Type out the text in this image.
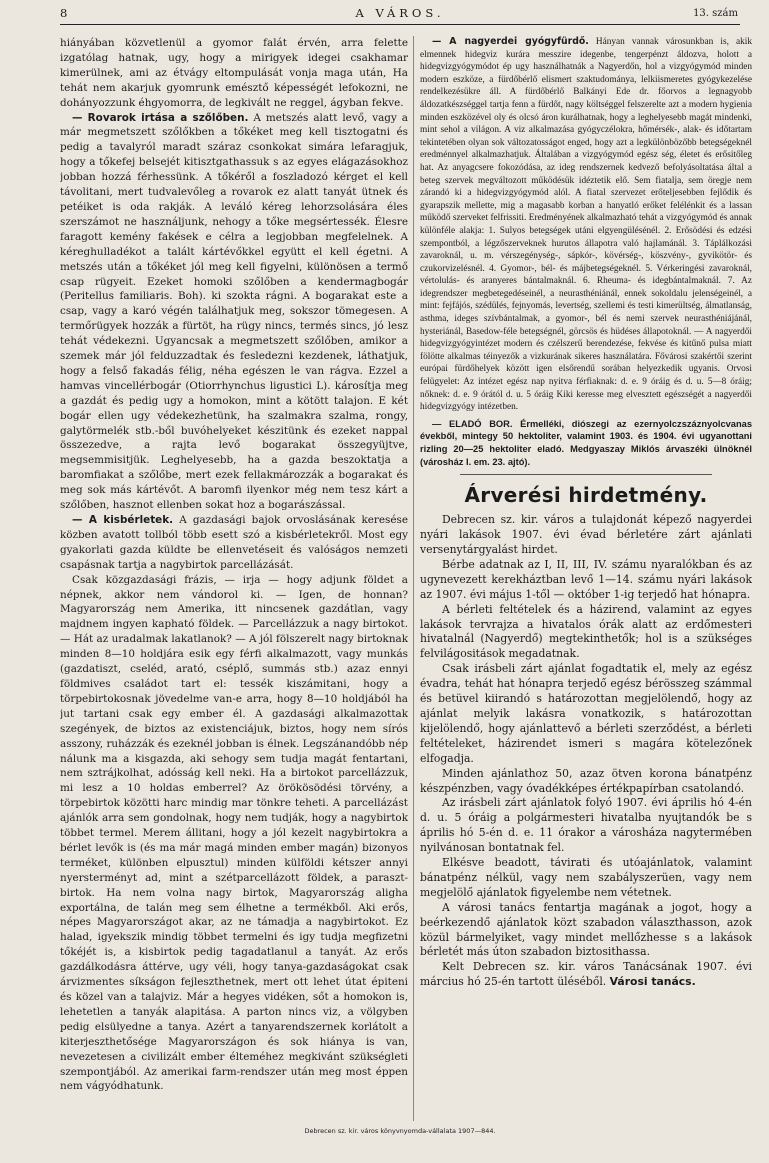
8	A VÁROS.	13. szám

hiányában közvetlenül a gyomor falát érvén, arra felette izgatólag hatnak, ugy, hogy a mirigyek idegei csakhamar kimerülnek, ami az étvágy eltompulását vonja maga után, Ha tehát nem akarjuk gyomrunk emésztő képességét lefokozni, ne dohányozzunk éhgyomorra, de legkivált ne reggel, ágyban fekve.

— Rovarok irtása a szőlőben. A metszés alatt levő, vagy a már megmetszett szőlőkben a tőkéket meg kell tisztogatni és pedig a tavalyról maradt száraz csonkokat simára lefaragjuk, hogy a tőkefej belsejét kitisztgathassuk s az egyes elágazásokhoz jobban hozzá férhessünk. A tőkéről a foszladozó kérget el kell távolitani, mert tudvalevőleg a rovarok ez alatt tanyát ütnek és petéiket is oda rakják. A leváló kéreg lehorzsolására éles szerszámot ne használjunk, nehogy a tőke megsértessék. Élesre faragott kemény fakések e célra a legjobban megfelelnek. A kéreghulladékot a talált kártévőkkel együtt el kell égetni. A metszés után a tőkéket jól meg kell figyelni, különösen a termő csap rügyeit. Ezeket homoki szőlőben a kendermagbogár (Peritellus familiaris. Boh). ki szokta rágni. A bogarakat este a csap, vagy a karó végén találhatjuk meg, sokszor tömegesen. A termőrügyek hozzák a fürtöt, ha rügy nincs, termés sincs, jó lesz tehát védekezni. Ugyancsak a megmetszett szőlőben, amikor a szemek már jól felduzzadtak és fesledezni kezdenek, láthatjuk, hogy a felső fakadás félig, néha egészen le van rágva. Ezzel a hamvas vincellérbogár (Otiorrhynchus ligustici L). károsítja meg a gazdát és pedig ugy a homokon, mint a kötött talajon. E két bogár ellen ugy védekezhetünk, ha szalmakra szalma, rongy, galytörmelék stb.-ből buvóhelyeket készitünk és ezeket nappal összezedve, a rajta levő bogarakat összegyüjtve, megsemmisitjük. Leghelyesebb, ha a gazda beszoktatja a baromfiakat a szőlőbe, mert ezek fellakmározzák a bogarakat és meg sok más kártévőt. A baromfi ilyenkor még nem tesz kárt a szőlőben, hasznot ellenben sokat hoz a bogarászással.

— A kisbérletek. A gazdasági bajok orvoslásának keresése közben avatott tollból több esett szó a kisbérletekről. Most egy gyakorlati gazda küldte be ellenvetéseit és valóságos nemzeti csapásnak tartja a nagybirtok parcellázását.

Csak közgazdasági frázis, — irja — hogy adjunk földet a népnek, akkor nem vándorol ki. — Igen, de honnan? Magyarország nem Amerika, itt nincsenek gazdátlan, vagy majdnem ingyen kapható földek. — Parcellázzuk a nagy birtokot. — Hát az uradalmak lakatlanok? — A jól fölszerelt nagy birtoknak minden 8—10 holdjára esik egy férfi alkalmazott, vagy munkás (gazdatiszt, cseléd, arató, cséplő, summás stb.) azaz ennyi földmives családot tart el: tessék kiszámitani, hogy a törpebirtokosnak jövedelme van-e arra, hogy 8—10 holdjából ha jut tartani csak egy ember él. A gazdasági alkalmazottak szegények, de biztos az existenciájuk, biztos, hogy nem sírós asszony, ruházzák és ezeknél jobban is élnek. Legszánandóbb nép nálunk ma a kisgazda, aki sehogy sem tudja magát fentartani, nem sztrájkolhat, adósság kell neki. Ha a birtokot parcellázzuk, mi lesz a 10 holdas emberrel? Az örökösödési törvény, a törpebirtok közötti harc mindig mar tönkre teheti. A parcellázást ajánlók arra sem gondolnak, hogy nem tudják, hogy a nagybirtok többet termel. Merem állitani, hogy a jól kezelt nagybirtokra a bérlet levők is (és ma már magá minden ember magán) bizonyos terméket, különben elpusztul) minden külföldi kétszer annyi nyersterményt ad, mint a szétparcellázott földek, a paraszt-birtok. Ha nem volna nagy birtok, Magyarország aligha exportálna, de talán meg sem élhetne a termékből. Aki erős, népes Magyarországot akar, az ne támadja a nagybirtokot. Ez halad, igyekszik mindig többet termelni és igy tudja megfizetni tőkéjét is, a kisbirtok pedig tagadatlanul a tanyát. Az erős gazdálkodásra áttérve, ugy véli, hogy tanya-gazdaságokat csak árvizmentes síkságon fejleszthetnek, mert ott lehet útat épiteni és közel van a talajviz. Már a hegyes vidéken, sőt a homokon is, lehetetlen a tanyák alapitása. A parton nincs viz, a völgyben pedig elsülyedne a tanya. Azért a tanyarendszernek korlátolt a kiterjeszthetősége Magyarországon és sok hiánya is van, nevezetesen a civilizált ember élteméhez megkivánt szükségleti szempontjából. Az amerikai farm-rendszer után meg most éppen nem vágyódhatunk.

— A nagyerdei gyógyfürdő. Hányan vannak városunkban is, akik elmennek hidegviz kurára messzire idegenbe, tengerpénzt áldozva, holott a hidegvizgyógymódot ép ugy használhatnák a Nagyerdőn, hol a vizgyógymód minden modern eszköze, a fürdőbérlő elismert szaktudománya, lelkiismeretes gyógykezelése rendelkezésükre áll. A fürdőbérlő Balkányi Ede dr. főorvos a legnagyobb áldozatkészséggel tartja fenn a fürdőt, nagy költséggel felszerelte azt a modern hygienia minden eszközével oly és olcsó áron kurálhatnak, hogy a leghelyesebb magát mindenki, mint sehol a világon. A viz alkalmazása gyógyczélokra, hőmérsék-, alak- és időtartam tekintetében olyan sok változatosságot enged, hogy azt a legkülönbözőbb betegségeknél eredménnyel alkalmazhatjuk. Általában a vizgyógymód egész ség, életet és erősitőleg hat. Az anyagcsere fokozódása, az ideg rendszernek kedvező befolyásoltatása által a beteg szervek megváltozott működésük idéztetik elő. Sem fiatalja, sem öregje nem zárandó ki a hidegvizgyógymód alól. A fiatal szervezet erőteljesebben fejlődik és gyarapszik mellette, mig a magasabb korban a hanyatló erőket felélénkit és a lassan működő szerveket felfrissiti. Eredményének alkalmazható tehát a vizgyógymód és annak különféle alakja: 1. Sulyos betegségek utáni elgyengülésénél. 2. Erősödési és edzési szempontból, a légzőszerveknek hurutos állapotra való hajlamánál. 3. Táplálkozási zavaroknál, u. m. vérszegénység-, sápkór-, kövérség-, köszvény-, gyvikötör- és czukorvizelésnél. 4. Gyomor-, bél- és májbetegségeknél. 5. Vérkeringési zavaroknál, vértolulás- és aranyeres bántalmaknál. 6. Rheuma- és idegbántalmaknál. 7. Az idegrendszer megbetegedéseinél, a neurasthéniánál, ennek sokoldalu jelenségeinél, a mint: fejfájós, szédülés, fejnyomás, levertség, szellemi és testi kimerültség, álmatlanság, asthma, ideges szívbántalmak, a gyomor-, bél és nemi szervek neurasthéniájánál, hysteriánál, Basedow-féle betegségnél, görcsös és hüdéses állapotoknál. — A nagyerdői hidegvizgyógyintézet modern és czélszerű berendezése, fekvése és kitűnő pulsa miatt fölötte alkalmas téinyezők a vizkurának sikeres használatára. Fővárosi szakértői szerint európai fürdőhelyek között igen elsőrendű sorában helyezkedik ugyanis. Orvosi felügyelet: Az intézet egész nap nyitva férfiaknak: d. e. 9 óráig és d. u. 5—8 óráig; nőknek: d. e. 9 órától d. u. 5 óráig Kiki keresse meg elvesztett egészségét a nagyerdői hidegvizgyógy intézetben.

— ELADÓ BOR. Érmelléki, diószegi az ezernyolczszáznyolcvanas évekből, mintegy 50 hektoliter, valamint 1903. és 1904. évi ugyanottani rizling 20—25 hektoliter eladó. Medgyaszay Miklós árvaszéki ülnöknél (városház I. em. 23. ajtó).

Árverési hirdetmény.

Debrecen sz. kir. város a tulajdonát képező nagyerdei nyári lakások 1907. évi évad bérletére zárt ajánlati versenytárgyalást hirdet.

Bérbe adatnak az I, II, III, IV. számu nyaralókban és az ugynevezett kerekháztban levő 1—14. számu nyári lakások az 1907. évi május 1-től — október 1-ig terjedő hat hónapra.

A bérleti feltételek és a házirend, valamint az egyes lakások tervrajza a hivatalos órák alatt az erdőmesteri hivatalnál (Nagyerdő) megtekinthetők; hol is a szükséges felvilágositások megadatnak.

Csak irásbeli zárt ajánlat fogadtatik el, mely az egész évadra, tehát hat hónapra terjedő egész bérösszeg számmal és betüvel kiirandó s határozottan megjelölendő, hogy az ajánlat melyik lakásra vonatkozik, s határozottan kijelölendő, hogy ajánlattevő a bérleti szerződést, a bérleti feltételeket, házirendet ismeri s magára kötelezőnek elfogadja.

Minden ajánlathoz 50, azaz ötven korona bánatpénz készpénzben, vagy óvadékképes értékpapírban csatolandó.

Az irásbeli zárt ajánlatok folyó 1907. évi április hó 4-én d. u. 5 óráig a polgármesteri hivatalba nyujtandók be s április hó 5-én d. e. 11 órakor a városháza nagytermében nyilvánosan bontatnak fel.

Elkésve beadott, távirati és utóajánlatok, valamint bánatpénz nélkül, vagy nem szabályszerüen, vagy nem megjelölő ajánlatok figyelembe nem vétetnek.

A városi tanács fentartja magának a jogot, hogy a beérkezendő ajánlatok közt szabadon választhasson, azok közül bármelyiket, vagy mindet mellőzhesse s a lakások bérletét más úton szabadon biztosithassa.

Kelt Debrecen sz. kir. város Tanácsának 1907. évi március hó 25-én tartott üléséből. Városi tanács.

Debrecen sz. kir. város könyvnyomda-vállalata 1907—844.
